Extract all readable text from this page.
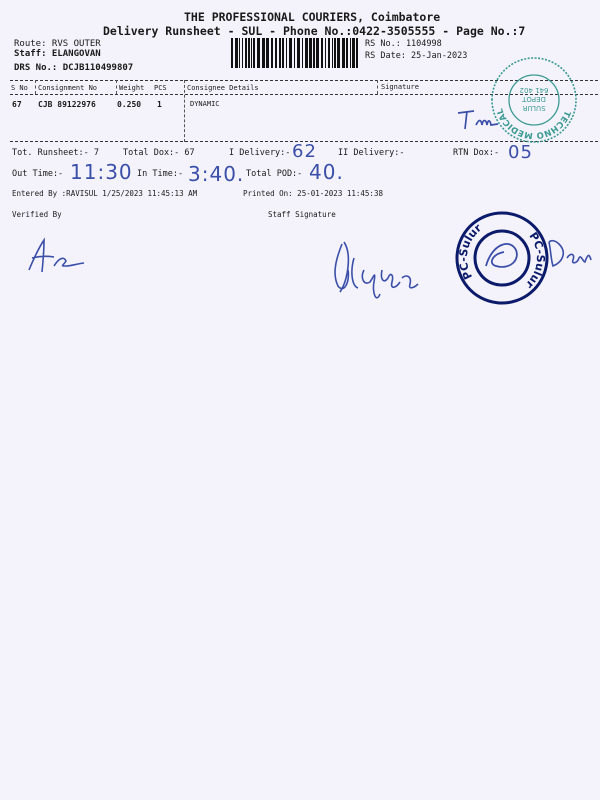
THE PROFESSIONAL COURIERS, Coimbatore
Delivery Runsheet - SUL - Phone No.:0422-3505555 - Page No.:7
Route: RVS OUTER
Staff: ELANGOVAN
DRS No.: DCJB110499807
RS No.: 1104998
RS Date: 25-Jan-2023
S No Consignment No	Weight PCS	Consignee Details	Signature
67 CJB 89122976	0.250 1	DYNAMIC
Tot. Runsheet:- 7	Total Dox:- 67	I Delivery:- 62 II Delivery:-	RTN Dox:- 05
Out Time:- 11:30 In Time:- 3:40. Total POD:- 40.
Entered By :RAVISUL 1/25/2023 11:45:13 AM	Printed On: 25-01-2023 11:45:38
Verified By	Staff Signature
TECHNO MEDICAL	SULUR
DEPOT
641 402
PC-Sulur
PC-Sulur
